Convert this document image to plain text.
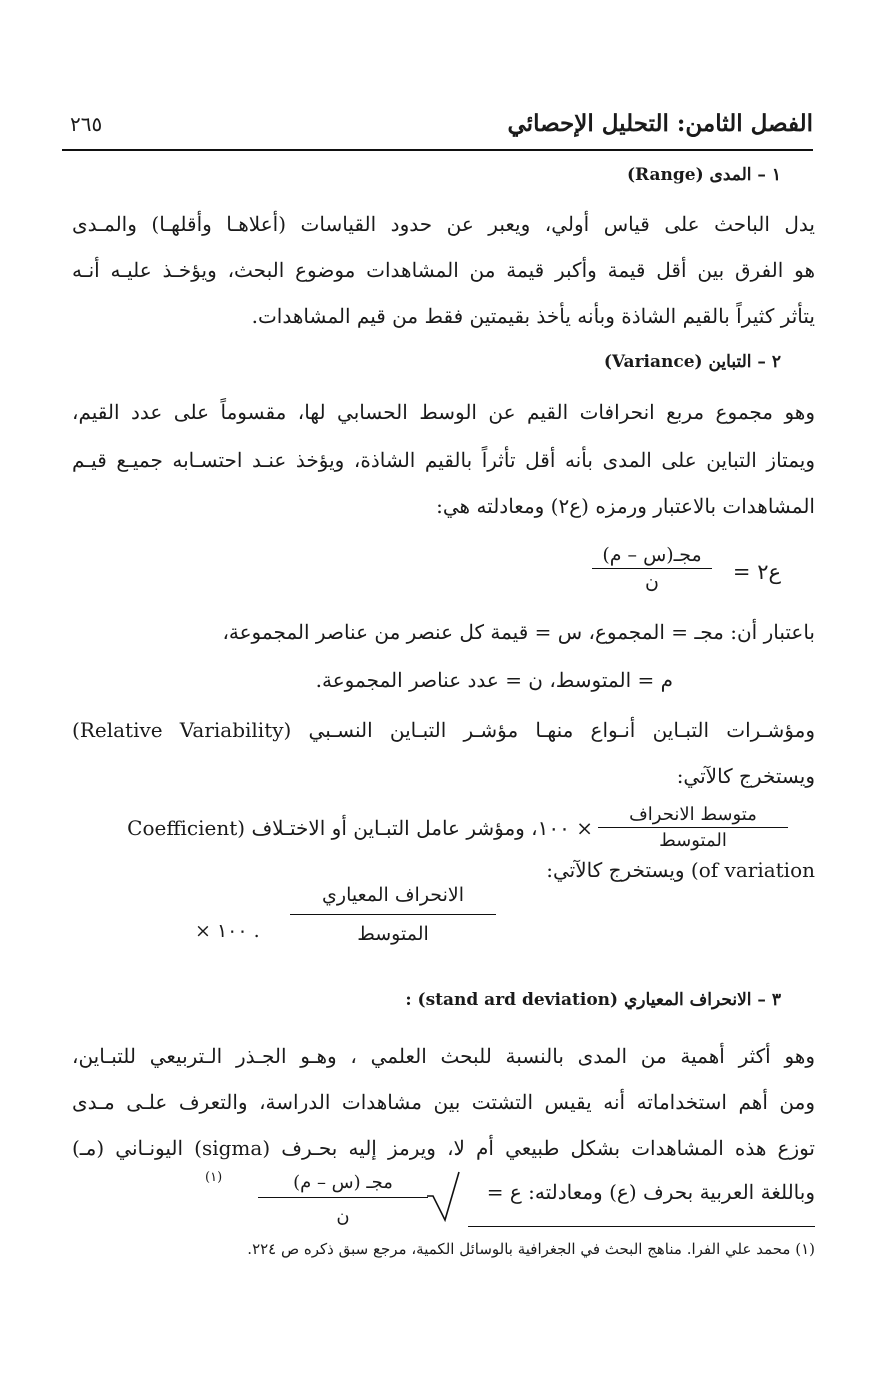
الفصل الثامن: التحليل الإحصائي
٢٦٥
١ – المدى (Range)
يدل الباحث على قياس أولي، ويعبر عن حدود القياسات (أعلاهـا وأقلهـا) والمـدى
هو الفرق بين أقل قيمة وأكبر قيمة من المشاهدات موضوع البحث، ويؤخـذ عليـه أنـه
يتأثر كثيراً بالقيم الشاذة وبأنه يأخذ بقيمتين فقط من قيم المشاهدات.
٢ – التباين (Variance)
وهو مجموع مربع انحرافات القيم عن الوسط الحسابي لها، مقسوماً على عدد القيم،
ويمتاز التباين على المدى بأنه أقل تأثراً بالقيم الشاذة، ويؤخذ عنـد احتسـابه جميـع قيـم
المشاهدات بالاعتبار ورمزه (ع٢) ومعادلته هي:
ع٢ =
مجـ(س – م)
ن
باعتبار أن: مجـ = المجموع، س = قيمة كل عنصر من عناصر المجموعة،
م = المتوسط، ن = عدد عناصر المجموعة.
ومؤشـرات التبـاين أنـواع منهـا مؤشـر التبـاين النسـبي (Relative Variability)
ويستخرج كالآتي:
متوسط الانحراف
المتوسط
× ١٠٠، ومؤشر عامل التبـاين أو الاختـلاف (Coefficient
of variation) ويستخرج كالآتي:
الانحراف المعياري
المتوسط
. ١٠٠ ×
٣ – الانحراف المعياري (stand ard deviation) :
وهو أكثر أهمية من المدى بالنسبة للبحث العلمي ، وهـو الجـذر الـتربيعي للتبـاين،
ومن أهم استخداماته أنه يقيس التشتت بين مشاهدات الدراسة، والتعرف علـى مـدى
توزع هذه المشاهدات بشكل طبيعي أم لا، ويرمز إليه بحـرف (sigma) اليونـاني (مـ)
وباللغة العربية بحرف (ع) ومعادلته: ع =
مجـ (س – م)
ن
(١)
(١) محمد علي الفرا. مناهج البحث في الجغرافية بالوسائل الكمية، مرجع سبق ذكره ص ٢٢٤.
